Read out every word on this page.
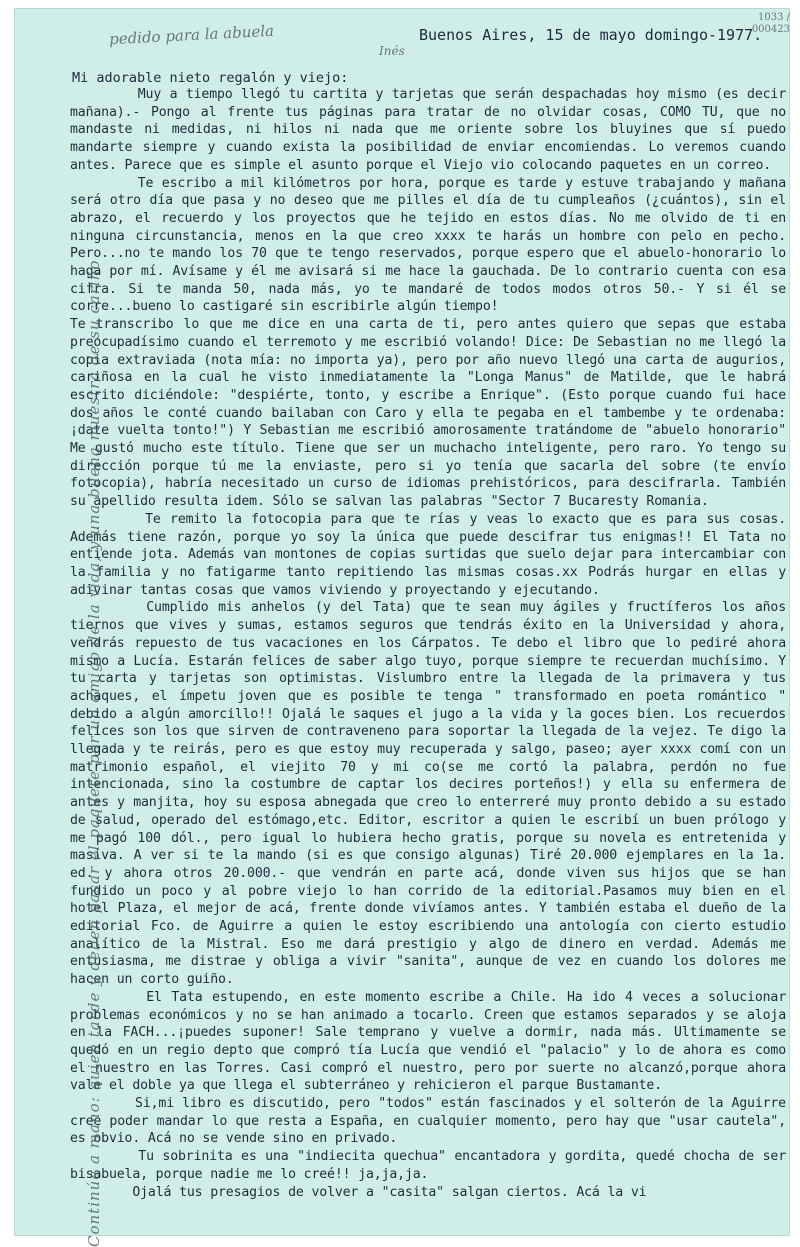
pedido para la abuela
Inés
1033 / 000423
Buenos Aires, 15 de mayo domingo-1977.
Mi adorable nieto regalón y viejo:

Muy a tiempo llegó tu cartita y tarjetas que serán despachadas hoy mismo (es decir mañana).- Pongo al frente tus páginas para tratar de no olvidar cosas, COMO TU, que no mandaste ni medidas, ni hilos ni nada que me oriente sobre los bluyines que sí puedo mandarte siempre y cuando exista la posibilidad de enviar encomiendas. Lo veremos cuando antes. Parece que es simple el asunto porque el Viejo vio colocando paquetes en un correo.

Te escribo a mil kilómetros por hora, porque es tarde y estuve trabajando y mañana será otro día que pasa y no deseo que me pilles el día de tu cumpleaños (¿cuántos), sin el abrazo, el recuerdo y los proyectos que he tejido en estos días. No me olvido de ti en ninguna circunstancia, menos en la que creo xxxx te harás un hombre con pelo en pecho. Pero...no te mando los 70 que te tengo reservados, porque espero que el abuelo-honorario lo haga por mí. Avísame y él me avisará si me hace la gauchada. De lo contrario cuenta con esa cifra. Si te manda 50, nada más, yo te mandaré de todos modos otros 50.- Y si él se corre...bueno lo castigaré sin escribirle algún tiempo!

Te transcribo lo que me dice en una carta de ti, pero antes quiero que sepas que estaba preocupadísimo cuando el terremoto y me escribió volando! Dice: De Sebastian no me llegó la copia extraviada (nota mía: no importa ya), pero por año nuevo llegó una carta de augurios, cariñosa en la cual he visto inmediatamente la "Longa Manus" de Matilde, que le habrá escrito diciéndole: "despiérte, tonto, y escribe a Enrique". (Esto porque cuando fui hace dos años le conté cuando bailaban con Caro y ella te pegaba en el tambembe y te ordenaba: ¡date vuelta tonto!") Y Sebastian me escribió amorosamente tratándome de "abuelo honorario" Me gustó mucho este título. Tiene que ser un muchacho inteligente, pero raro. Yo tengo su dirección porque tú me la enviaste, pero si yo tenía que sacarla del sobre (te envío fotocopia), habría necesitado un curso de idiomas prehistóricos, para descifrarla. También su apellido resulta idem. Sólo se salvan las palabras "Sector 7 Bucaresty Romania.

Te remito la fotocopia para que te rías y veas lo exacto que es para sus cosas. Además tiene razón, porque yo soy la única que puede descifrar tus enigmas!! El Tata no entiende jota. Además van montones de copias surtidas que suelo dejar para intercambiar con la familia y no fatigarme tanto repitiendo las mismas cosas.xx Podrás hurgar en ellas y adivinar tantas cosas que vamos viviendo y proyectando y ejecutando.

Cumplido mis anhelos (y del Tata) que te sean muy ágiles y fructíferos los años tiernos que vives y sumas, estamos seguros que tendrás éxito en la Universidad y ahora, vendrás repuesto de tus vacaciones en los Cárpatos. Te debo el libro que lo pediré ahora mismo a Lucía. Estarán felices de saber algo tuyo, porque siempre te recuerdan muchísimo. Y tu carta y tarjetas son optimistas. Vislumbro entre la llegada de la primavera y tus achaques, el ímpetu joven que es posible te tenga " transformado en poeta romántico " debido a algún amorcillo!! Ojalá le saques el jugo a la vida y la goces bien. Los recuerdos felices son los que sirven de contraveneno para soportar la llegada de la vejez. Te digo la llegada y te reirás, pero es que estoy muy recuperada y salgo, paseo; ayer xxxx comí con un matrimonio español, el viejito 70 y mi co(se me cortó la palabra, perdón no fue intencionada, sino la costumbre de captar los decires porteños!) y ella su enfermera de antes y manjita, hoy su esposa abnegada que creo lo enterreré muy pronto debido a su estado de salud, operado del estómago,etc. Editor, escritor a quien le escribí un buen prólogo y me pagó 100 dól., pero igual lo hubiera hecho gratis, porque su novela es entretenida y masiva. A ver si te la mando (si es que consigo algunas) Tiré 20.000 ejemplares en la 1a. ed. y ahora otros 20.000.- que vendrán en parte acá, donde viven sus hijos que se han fundido un poco y al pobre viejo lo han corrido de la editorial.Pasamos muy bien en el hotel Plaza, el mejor de acá, frente donde vivíamos antes. Y también estaba el dueño de la editorial Fco. de Aguirre a quien le estoy escribiendo una antología con cierto estudio analítico de la Mistral. Eso me dará prestigio y algo de dinero en verdad. Además me entusiasma, me distrae y obliga a vivir "sanita", aunque de vez en cuando los dolores me hacen un corto guiño.

El Tata estupendo, en este momento escribe a Chile. Ha ido 4 veces a solucionar problemas económicos y no se han animado a tocarlo. Creen que estamos separados y se aloja en la FACH...¡puedes suponer! Sale temprano y vuelve a dormir, nada más. Ultimamente se quedó en un regio depto que compró tía Lucía que vendió el "palacio" y lo de ahora es como el nuestro en las Torres. Casi compró el nuestro, pero por suerte no alcanzó,porque ahora vale el doble ya que llega el subterráneo y rehicieron el parque Bustamante.

Si,mi libro es discutido, pero "todos" están fascinados y el solterón de la Aguirre cree poder mandar lo que resta a España, en cualquier momento, pero hay que "usar cautela", es obvio. Acá no se vende sino en privado.

Tu sobrinita es una "indiecita quechua" encantadora y gordita, quedé chocha de ser bisabuela, porque nadie me lo creé!! ja,ja,ja.

Ojalá tus presagios de volver a "casita" salgan ciertos. Acá la vi

Continúa a mano: quien tarde y deben pasar el paquete por un amigo de la vida, y una buena muestra de su cariño
